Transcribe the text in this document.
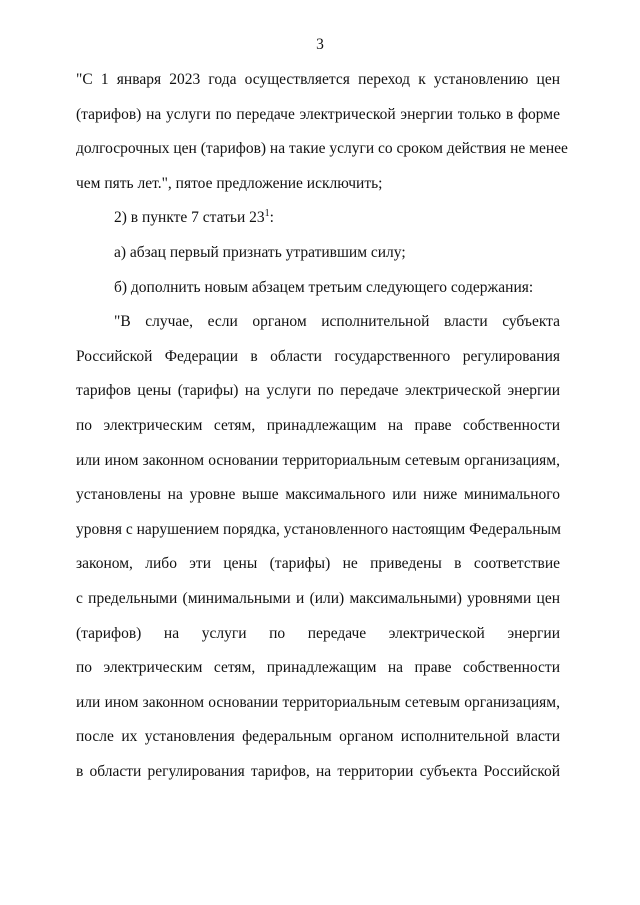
3
"С 1 января 2023 года осуществляется переход к установлению цен
(тарифов) на услуги по передаче электрической энергии только в форме
долгосрочных цен (тарифов) на такие услуги со сроком действия не менее
чем пять лет.", пятое предложение исключить;
2) в пункте 7 статьи $23^1$:
а) абзац первый признать утратившим силу;
б) дополнить новым абзацем третьим следующего содержания:
"В случае, если органом исполнительной власти субъекта
Российской Федерации в области государственного регулирования
тарифов цены (тарифы) на услуги по передаче электрической энергии
по электрическим сетям, принадлежащим на праве собственности
или ином законном основании территориальным сетевым организациям,
установлены на уровне выше максимального или ниже минимального
уровня с нарушением порядка, установленного настоящим Федеральным
законом, либо эти цены (тарифы) не приведены в соответствие
с предельными (минимальными и (или) максимальными) уровнями цен
(тарифов) на услуги по передаче электрической энергии
по электрическим сетям, принадлежащим на праве собственности
или ином законном основании территориальным сетевым организациям,
после их установления федеральным органом исполнительной власти
в области регулирования тарифов, на территории субъекта Российской
